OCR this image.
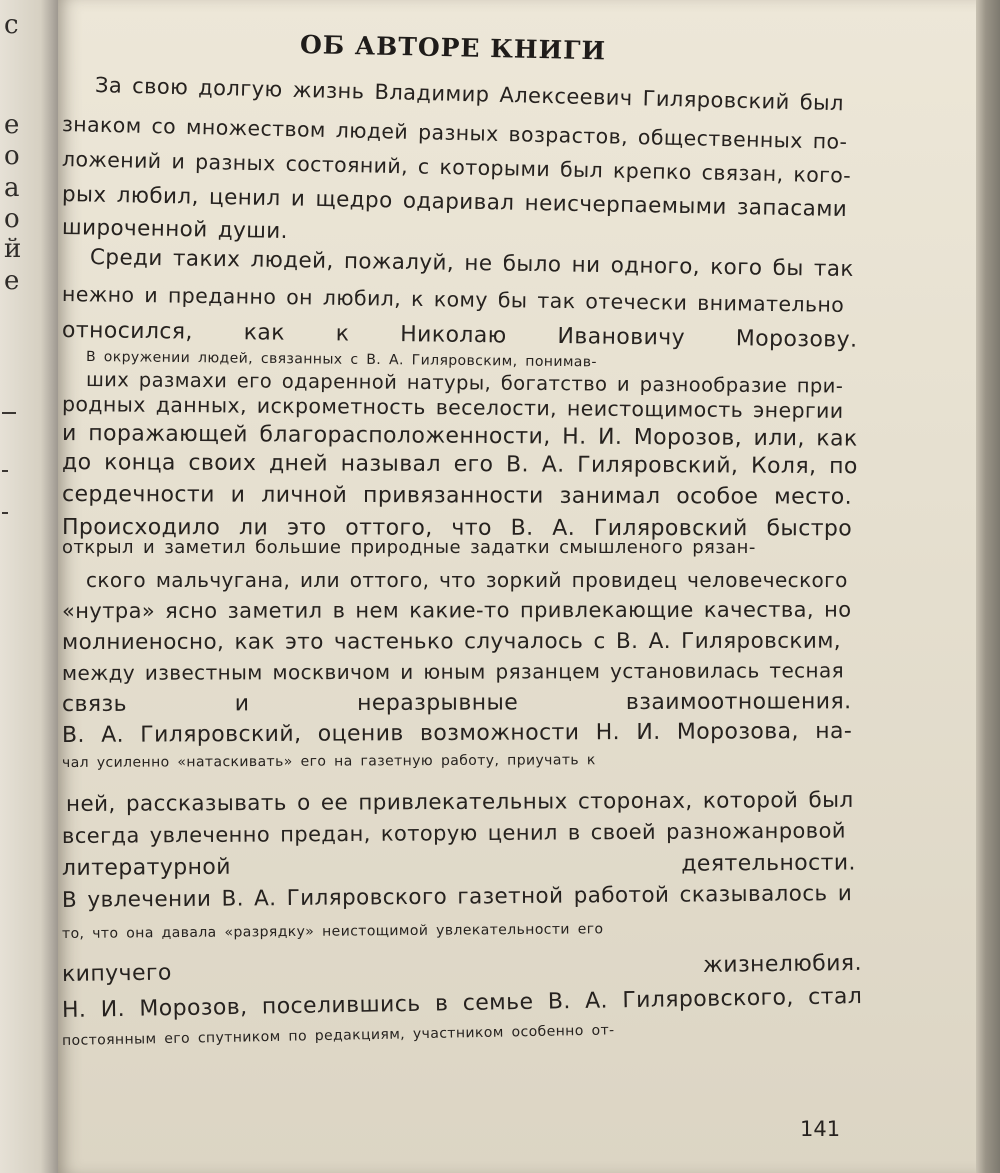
с
е
о
а
о
й
е
ОБ АВТОРЕ КНИГИ
За свою долгую жизнь Владимир Алексеевич Гиляровский был
знаком со множеством людей разных возрастов, общественных по-
ложений и разных состояний, с которыми был крепко связан, кого-
рых любил, ценил и щедро одаривал неисчерпаемыми запасами
широченной души.
Среди таких людей, пожалуй, не было ни одного, кого бы так
нежно и преданно он любил, к кому бы так отечески внимательно
относился, как к Николаю Ивановичу Морозову.
В окружении людей, связанных с В. А. Гиляровским, понимав-
ших размахи его одаренной натуры, богатство и разнообразие при-
родных данных, искрометность веселости, неистощимость энергии
и поражающей благорасположенности, Н. И. Морозов, или, как
до конца своих дней называл его В. А. Гиляровский, Коля, по
сердечности и личной привязанности занимал особое место.
Происходило ли это оттого, что В. А. Гиляровский быстро
открыл и заметил большие природные задатки смышленого рязан-
ского мальчугана, или оттого, что зоркий провидец человеческого
«нутра» ясно заметил в нем какие-то привлекающие качества, но
молниеносно, как это частенько случалось с В. А. Гиляровским,
между известным москвичом и юным рязанцем установилась тесная
связь и неразрывные взаимоотношения.
В. А. Гиляровский, оценив возможности Н. И. Морозова, на-
чал усиленно «натаскивать» его на газетную работу, приучать к
ней, рассказывать о ее привлекательных сторонах, которой был
всегда увлеченно предан, которую ценил в своей разножанровой
литературной деятельности.
В увлечении В. А. Гиляровского газетной работой сказывалось и
то, что она давала «разрядку» неистощимой увлекательности его
кипучего жизнелюбия.
Н. И. Морозов, поселившись в семье В. А. Гиляровского, стал
постоянным его спутником по редакциям, участником особенно от-
141
